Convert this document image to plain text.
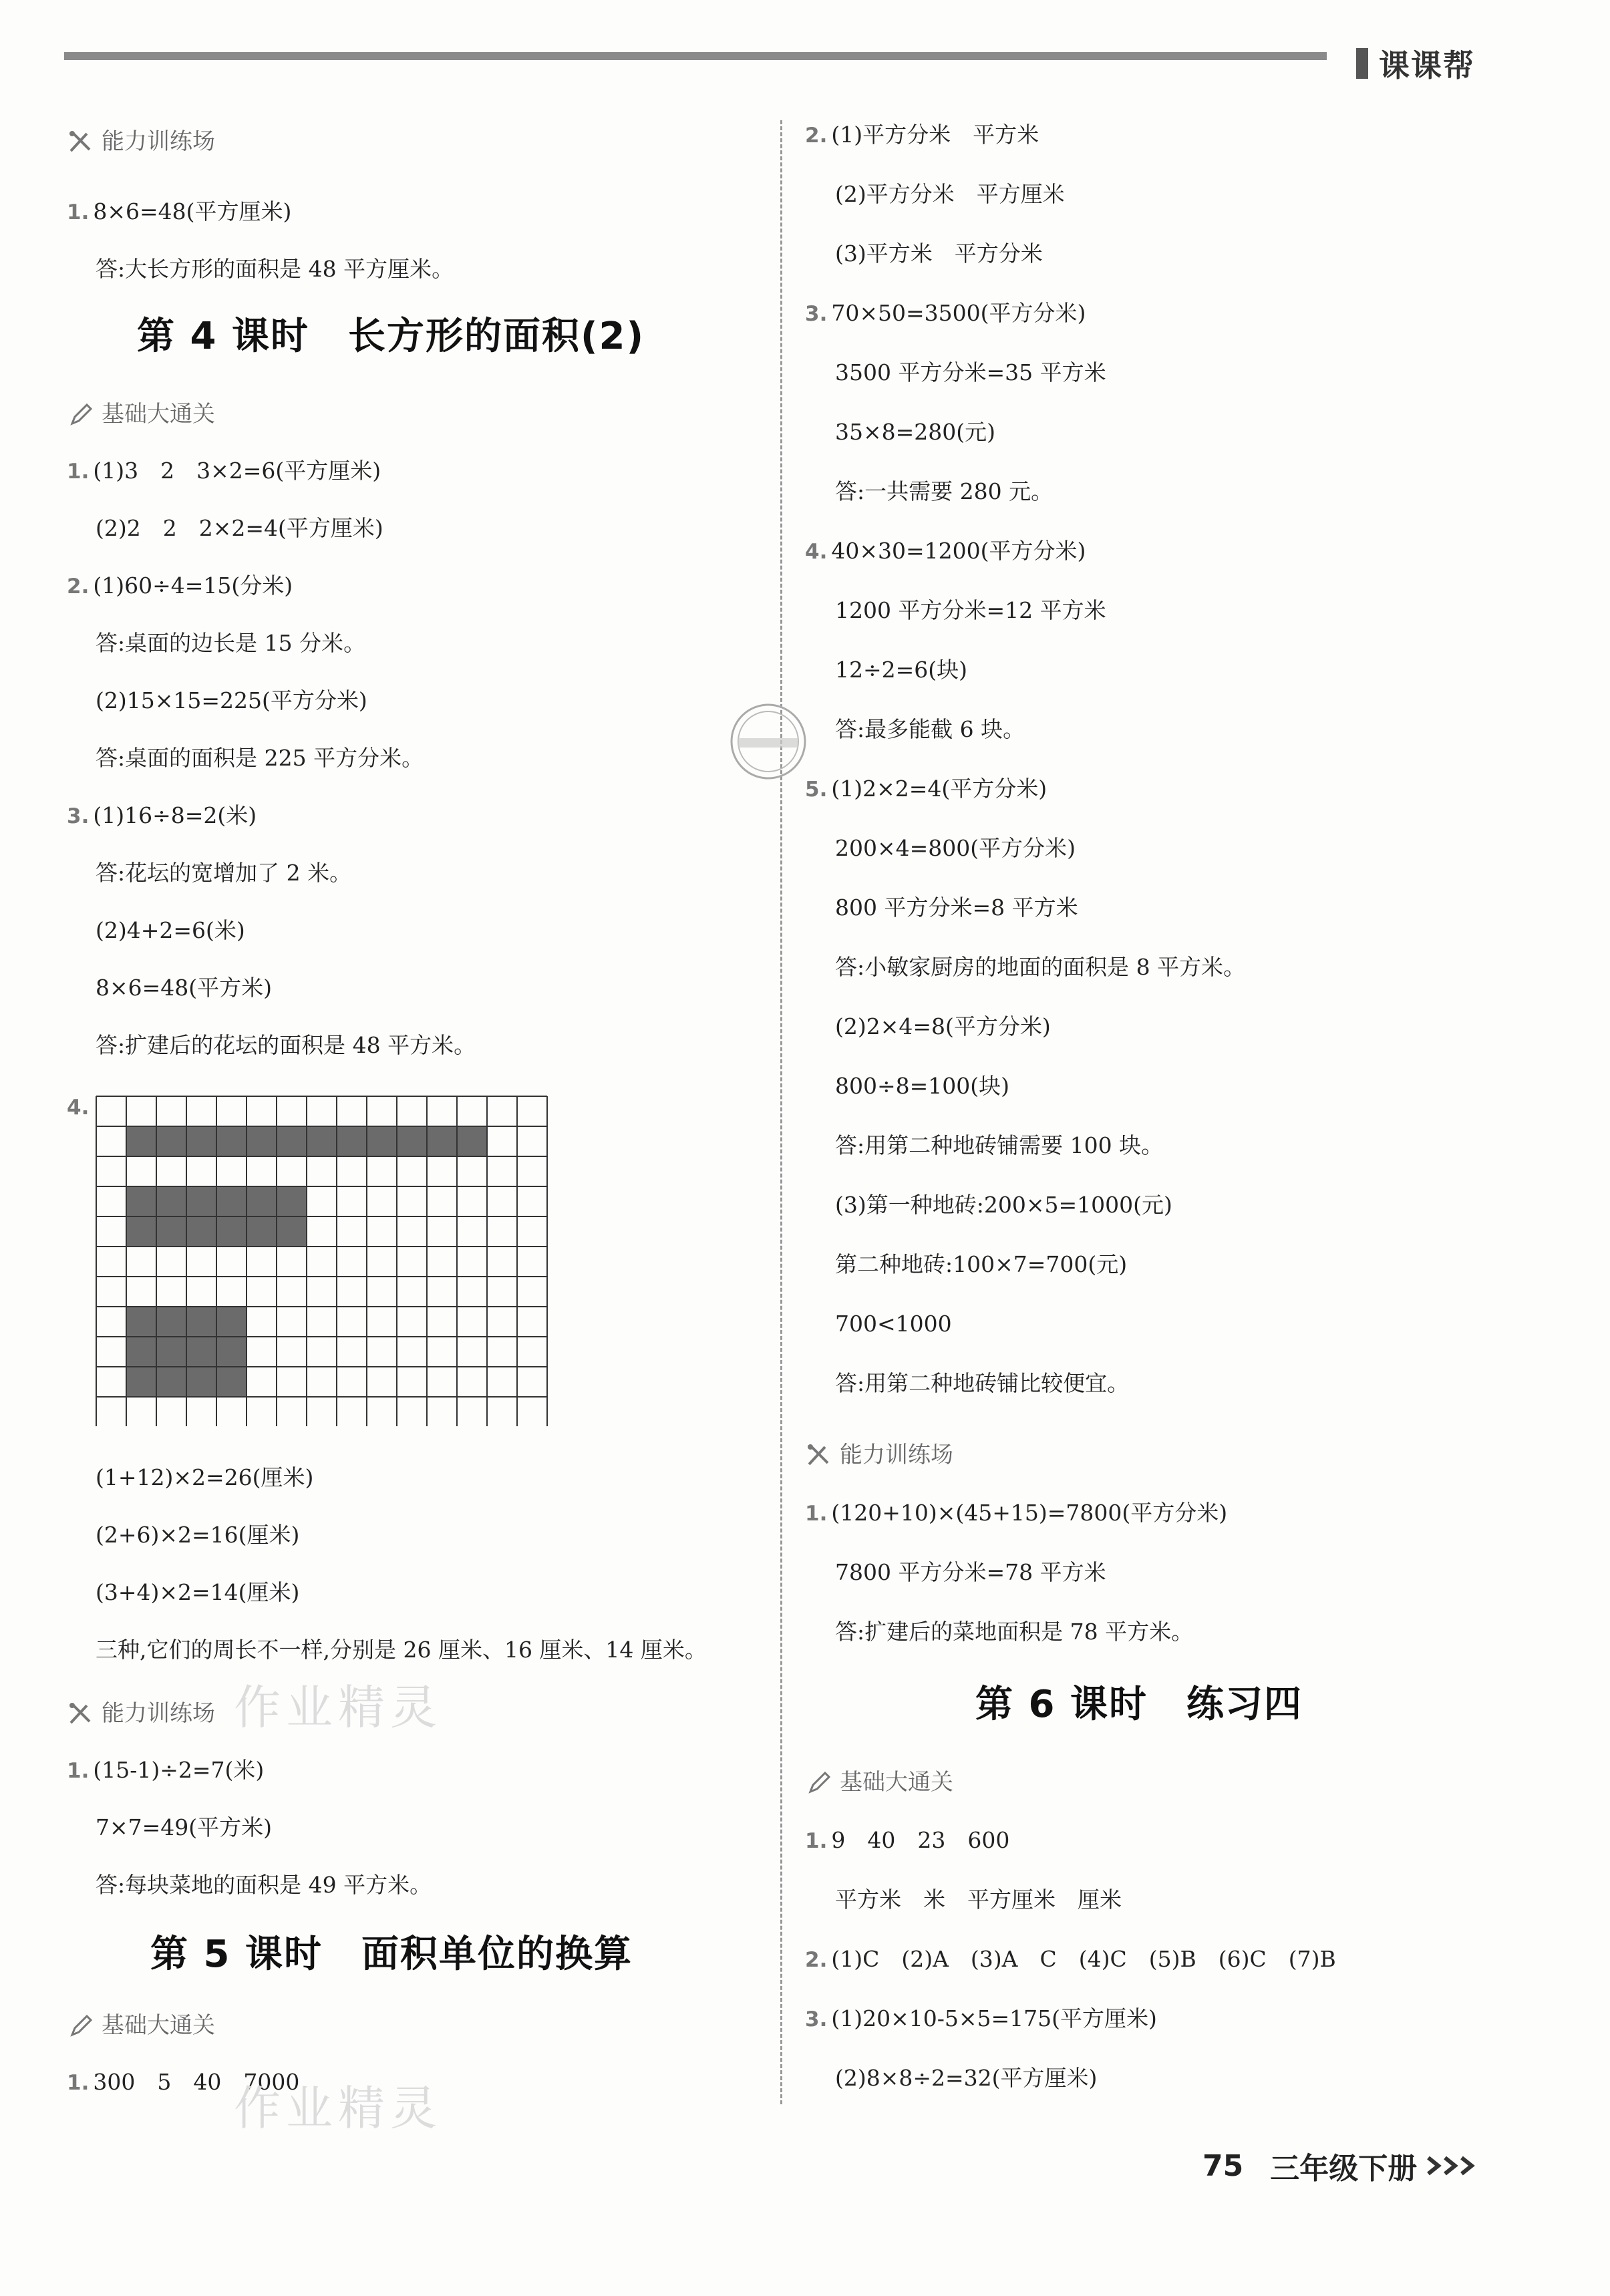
课课帮
能力训练场
1. 8×6=48(平方厘米)
答:大长方形的面积是 48 平方厘米。
第 4 课时　长方形的面积(2)
基础大通关
1. (1)3　2　3×2=6(平方厘米)
(2)2　2　2×2=4(平方厘米)
2. (1)60÷4=15(分米)
答:桌面的边长是 15 分米。
(2)15×15=225(平方分米)
答:桌面的面积是 225 平方分米。
3. (1)16÷8=2(米)
答:花坛的宽增加了 2 米。
(2)4+2=6(米)
8×6=48(平方米)
答:扩建后的花坛的面积是 48 平方米。
4.
(1+12)×2=26(厘米)
(2+6)×2=16(厘米)
(3+4)×2=14(厘米)
三种,它们的周长不一样,分别是 26 厘米、16 厘米、14 厘米。
能力训练场
1. (15-1)÷2=7(米)
7×7=49(平方米)
答:每块菜地的面积是 49 平方米。
第 5 课时　面积单位的换算
基础大通关
1. 300　5　40　7000
2. (1)平方分米　平方米
(2)平方分米　平方厘米
(3)平方米　平方分米
3. 70×50=3500(平方分米)
3500 平方分米=35 平方米
35×8=280(元)
答:一共需要 280 元。
4. 40×30=1200(平方分米)
1200 平方分米=12 平方米
12÷2=6(块)
答:最多能截 6 块。
5. (1)2×2=4(平方分米)
200×4=800(平方分米)
800 平方分米=8 平方米
答:小敏家厨房的地面的面积是 8 平方米。
(2)2×4=8(平方分米)
800÷8=100(块)
答:用第二种地砖铺需要 100 块。
(3)第一种地砖:200×5=1000(元)
第二种地砖:100×7=700(元)
700<1000
答:用第二种地砖铺比较便宜。
能力训练场
1. (120+10)×(45+15)=7800(平方分米)
7800 平方分米=78 平方米
答:扩建后的菜地面积是 78 平方米。
第 6 课时　练习四
基础大通关
1. 9　40　23　600
平方米　米　平方厘米　厘米
2. (1)C　(2)A　(3)A　C　(4)C　(5)B　(6)C　(7)B
3. (1)20×10-5×5=175(平方厘米)
(2)8×8÷2=32(平方厘米)
作业精灵
作业精灵
75 三年级下册
